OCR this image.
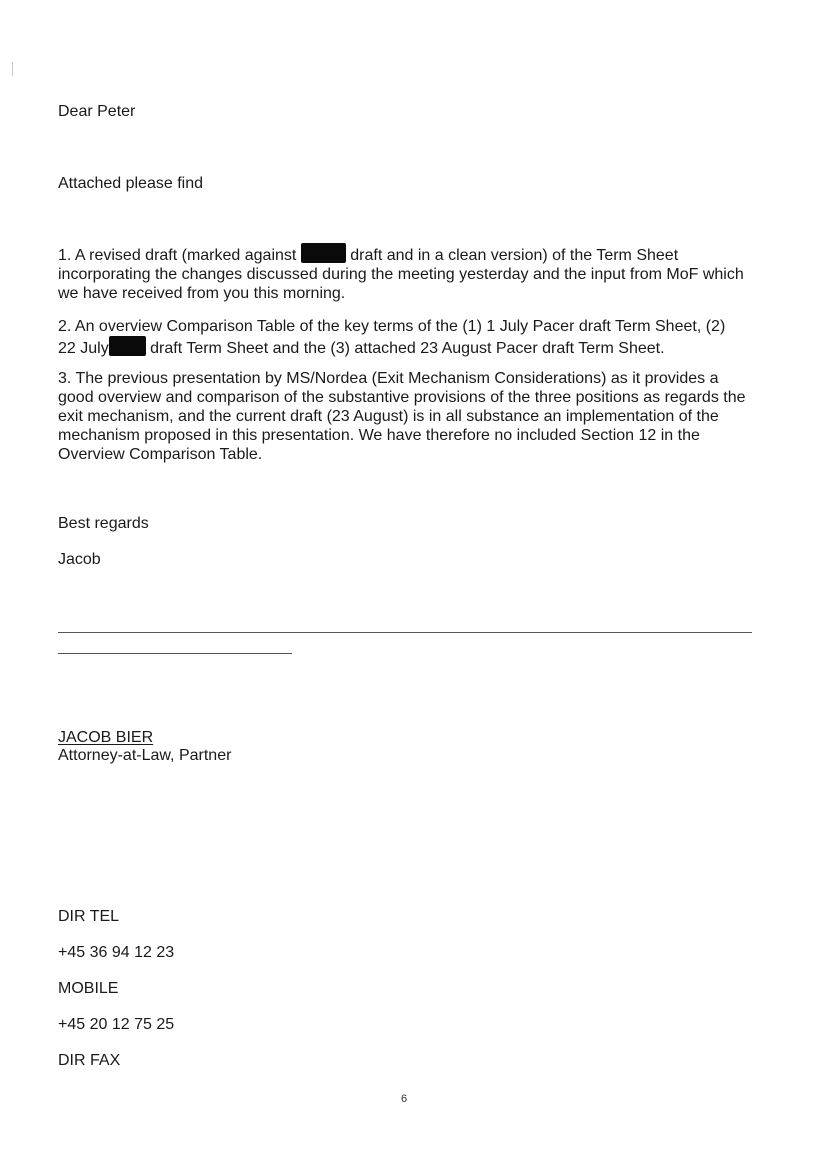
Dear Peter
Attached please find
1. A revised draft (marked against	draft and in a clean version) of the Term Sheet
incorporating the changes discussed during the meeting yesterday and the input from MoF which
we have received from you this morning.
2. An overview Comparison Table of the key terms of the (1) 1 July Pacer draft Term Sheet, (2)
22 July draft Term Sheet and the (3) attached 23 August Pacer draft Term Sheet.
3. The previous presentation by MS/Nordea (Exit Mechanism Considerations) as it provides a
good overview and comparison of the substantive provisions of the three positions as regards the
exit mechanism, and the current draft (23 August) is in all substance an implementation of the
mechanism proposed in this presentation. We have therefore no included Section 12 in the
Overview Comparison Table.
Best regards
Jacob
JACOB BIER
Attorney-at-Law, Partner
DIR TEL
+45 36 94 12 23
MOBILE
+45 20 12 75 25
DIR FAX
6
